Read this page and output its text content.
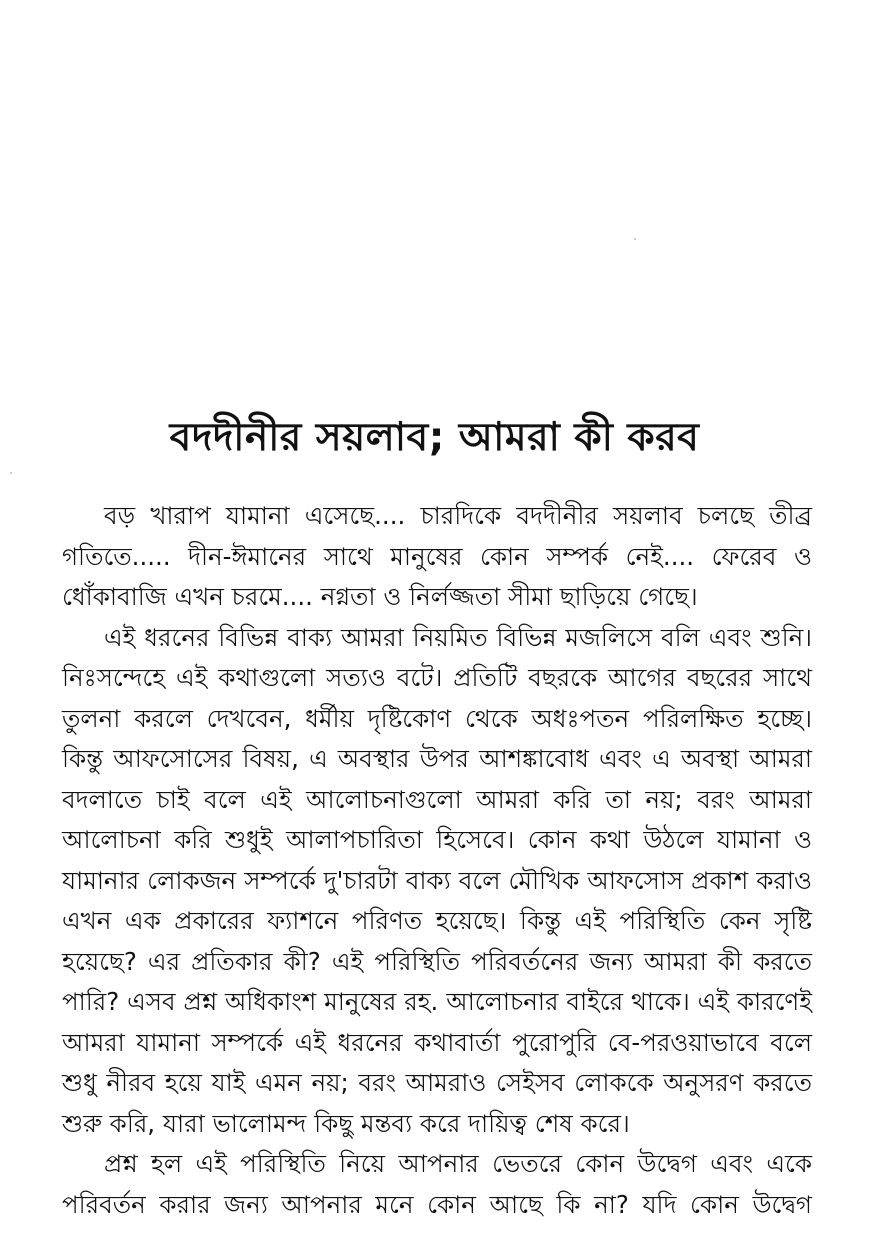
বদদীনীর সয়লাব; আমরা কী করব

বড় খারাপ যামানা এসেছে.... চারদিকে বদদীনীর সয়লাব চলছে তীব্র গতিতে..... দীন-ঈমানের সাথে মানুষের কোন সম্পর্ক নেই.... ফেরেব ও ধোঁকাবাজি এখন চরমে.... নগ্নতা ও নির্লজ্জতা সীমা ছাড়িয়ে গেছে।

এই ধরনের বিভিন্ন বাক্য আমরা নিয়মিত বিভিন্ন মজলিসে বলি এবং শুনি। নিঃসন্দেহে এই কথাগুলো সত্যও বটে। প্রতিটি বছরকে আগের বছরের সাথে তুলনা করলে দেখবেন, ধর্মীয় দৃষ্টিকোণ থেকে অধঃপতন পরিলক্ষিত হচ্ছে। কিন্তু আফসোসের বিষয়, এ অবস্থার উপর আশঙ্কাবোধ এবং এ অবস্থা আমরা বদলাতে চাই বলে এই আলোচনাগুলো আমরা করি তা নয়; বরং আমরা আলোচনা করি শুধুই আলাপচারিতা হিসেবে। কোন কথা উঠলে যামানা ও যামানার লোকজন সম্পর্কে দু'চারটা বাক্য বলে মৌখিক আফসোস প্রকাশ করাও এখন এক প্রকারের ফ্যাশনে পরিণত হয়েছে। কিন্তু এই পরিস্থিতি কেন সৃষ্টি হয়েছে? এর প্রতিকার কী? এই পরিস্থিতি পরিবর্তনের জন্য আমরা কী করতে পারি? এসব প্রশ্ন অধিকাংশ মানুষের রহ. আলোচনার বাইরে থাকে। এই কারণেই আমরা যামানা সম্পর্কে এই ধরনের কথাবার্তা পুরোপুরি বে-পরওয়াভাবে বলে শুধু নীরব হয়ে যাই এমন নয়; বরং আমরাও সেইসব লোককে অনুসরণ করতে শুরু করি, যারা ভালোমন্দ কিছু মন্তব্য করে দায়িত্ব শেষ করে।

প্রশ্ন হল এই পরিস্থিতি নিয়ে আপনার ভেতরে কোন উদ্বেগ এবং একে পরিবর্তন করার জন্য আপনার মনে কোন আছে কি না? যদি কোন উদ্বেগ
